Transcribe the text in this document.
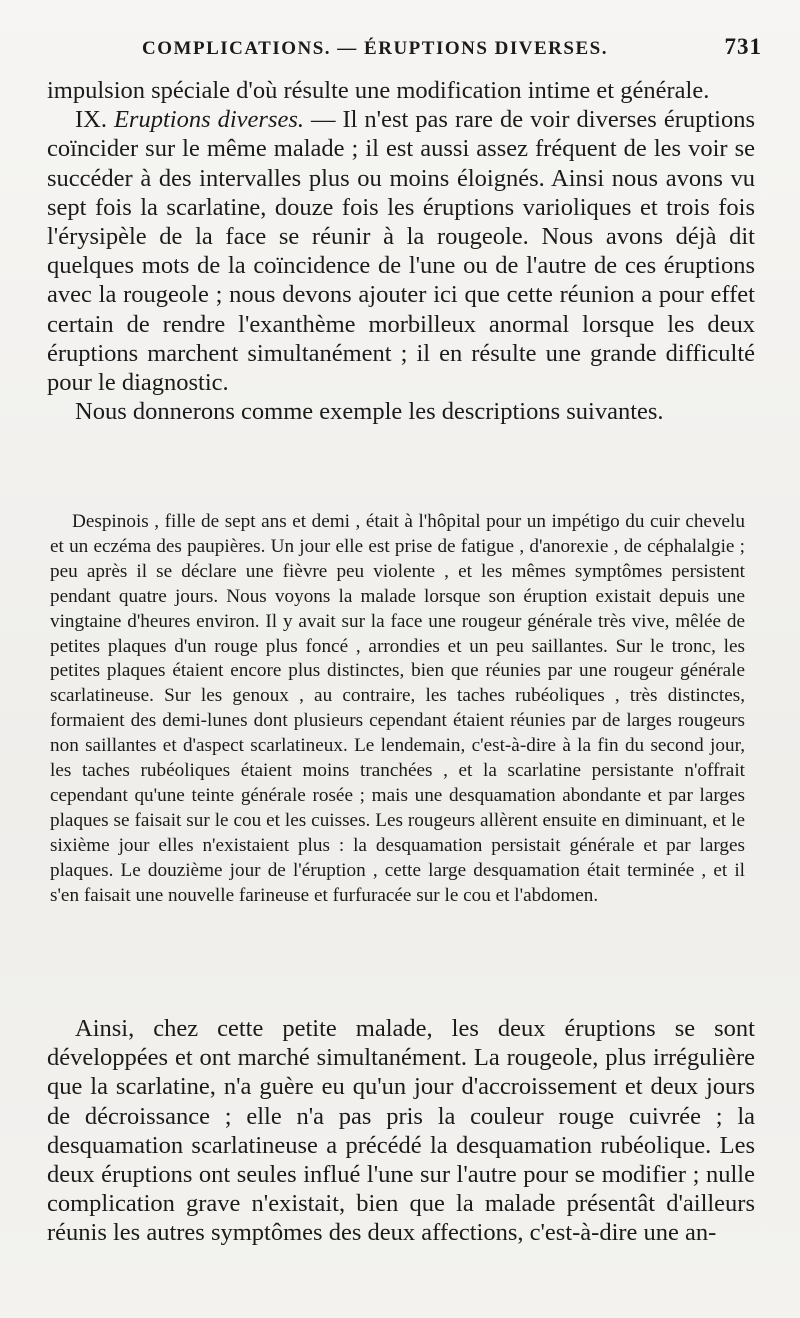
COMPLICATIONS. — ÉRUPTIONS DIVERSES.	731

impulsion spéciale d'où résulte une modification intime et générale.

IX. Eruptions diverses. — Il n'est pas rare de voir diverses éruptions coïncider sur le même malade ; il est aussi assez fréquent de les voir se succéder à des intervalles plus ou moins éloignés. Ainsi nous avons vu sept fois la scarlatine, douze fois les éruptions varioliques et trois fois l'érysipèle de la face se réunir à la rougeole. Nous avons déjà dit quelques mots de la coïncidence de l'une ou de l'autre de ces éruptions avec la rougeole ; nous devons ajouter ici que cette réunion a pour effet certain de rendre l'exanthème morbilleux anormal lorsque les deux éruptions marchent simultanément ; il en résulte une grande difficulté pour le diagnostic.

Nous donnerons comme exemple les descriptions suivantes.

Despinois , fille de sept ans et demi , était à l'hôpital pour un impétigo du cuir chevelu et un eczéma des paupières. Un jour elle est prise de fatigue , d'anorexie , de céphalalgie ; peu après il se déclare une fièvre peu violente , et les mêmes symptômes persistent pendant quatre jours. Nous voyons la malade lorsque son éruption existait depuis une vingtaine d'heures environ. Il y avait sur la face une rougeur générale très vive, mêlée de petites plaques d'un rouge plus foncé , arrondies et un peu saillantes. Sur le tronc, les petites plaques étaient encore plus distinctes, bien que réunies par une rougeur générale scarlatineuse. Sur les genoux , au contraire, les taches rubéoliques , très distinctes, formaient des demi-lunes dont plusieurs cependant étaient réunies par de larges rougeurs non saillantes et d'aspect scarlatineux. Le lendemain, c'est-à-dire à la fin du second jour, les taches rubéoliques étaient moins tranchées , et la scarlatine persistante n'offrait cependant qu'une teinte générale rosée ; mais une desquamation abondante et par larges plaques se faisait sur le cou et les cuisses. Les rougeurs allèrent ensuite en diminuant, et le sixième jour elles n'existaient plus : la desquamation persistait générale et par larges plaques. Le douzième jour de l'éruption , cette large desquamation était terminée , et il s'en faisait une nouvelle farineuse et furfuracée sur le cou et l'abdomen.

Ainsi, chez cette petite malade, les deux éruptions se sont développées et ont marché simultanément. La rougeole, plus irrégulière que la scarlatine, n'a guère eu qu'un jour d'accroissement et deux jours de décroissance ; elle n'a pas pris la couleur rouge cuivrée ; la desquamation scarlatineuse a précédé la desquamation rubéolique. Les deux éruptions ont seules influé l'une sur l'autre pour se modifier ; nulle complication grave n'existait, bien que la malade présentât d'ailleurs réunis les autres symptômes des deux affections, c'est-à-dire une an-
